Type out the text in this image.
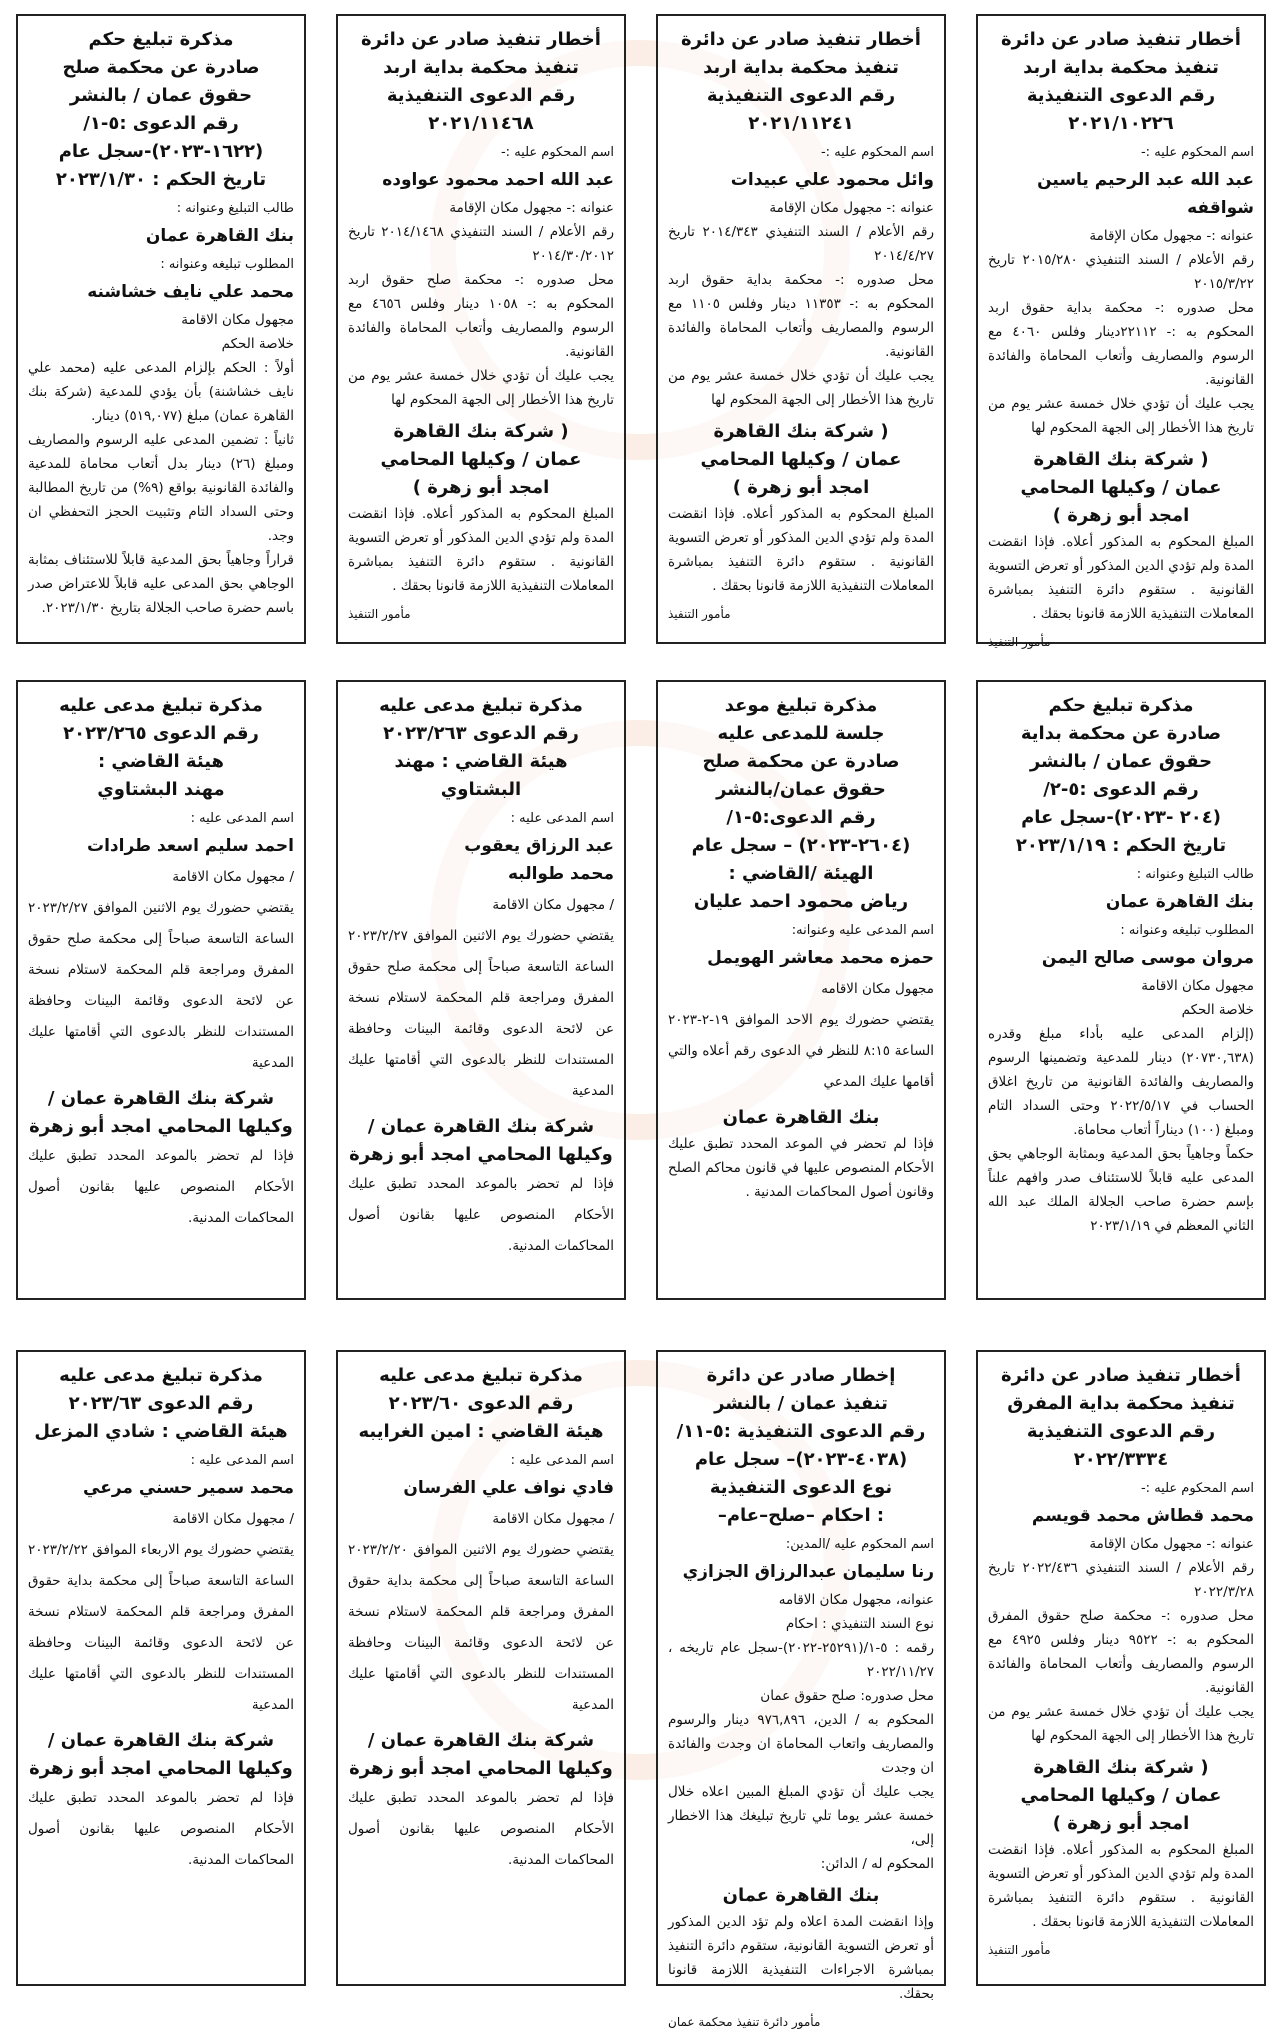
أخطار تنفيذ صادر عن دائرة
تنفيذ محكمة بداية اربد
رقم الدعوى التنفيذية
٢٠٢١/١٠٢٢٦
اسم المحكوم عليه :-
عبد الله عبد الرحيم ياسين شواقفه
عنوانه :- مجهول مكان الإقامة
رقم الأعلام / السند التنفيذي ٢٠١٥/٢٨٠ تاريخ ٢٠١٥/٣/٢٢
محل صدوره :- محكمة بداية حقوق اربد المحكوم به :- ٢٢١١٢دينار وفلس ٤٠٦٠ مع الرسوم والمصاريف وأتعاب المحاماة والفائدة القانونية.
يجب عليك أن تؤدي خلال خمسة عشر يوم من تاريخ هذا الأخطار إلى الجهة المحكوم لها
( شركة بنك القاهرة
عمان / وكيلها المحامي
امجد أبو زهرة )
المبلغ المحكوم به المذكور أعلاه. فإذا انقضت المدة ولم تؤدي الدين المذكور أو تعرض التسوية القانونية . ستقوم دائرة التنفيذ بمباشرة المعاملات التنفيذية اللازمة قانونا بحقك .
مأمور التنفيذ
أخطار تنفيذ صادر عن دائرة
تنفيذ محكمة بداية اربد
رقم الدعوى التنفيذية
٢٠٢١/١١٢٤١
اسم المحكوم عليه :-
وائل محمود علي عبيدات
عنوانه :- مجهول مكان الإقامة
رقم الأعلام / السند التنفيذي ٢٠١٤/٣٤٣ تاريخ ٢٠١٤/٤/٢٧
محل صدوره :- محكمة بداية حقوق اربد المحكوم به :- ١١٣٥٣ دينار وفلس ١١٠٥ مع الرسوم والمصاريف وأتعاب المحاماة والفائدة القانونية.
يجب عليك أن تؤدي خلال خمسة عشر يوم من تاريخ هذا الأخطار إلى الجهة المحكوم لها
( شركة بنك القاهرة
عمان / وكيلها المحامي
امجد أبو زهرة )
المبلغ المحكوم به المذكور أعلاه. فإذا انقضت المدة ولم تؤدي الدين المذكور أو تعرض التسوية القانونية . ستقوم دائرة التنفيذ بمباشرة المعاملات التنفيذية اللازمة قانونا بحقك .
مأمور التنفيذ
أخطار تنفيذ صادر عن دائرة
تنفيذ محكمة بداية اربد
رقم الدعوى التنفيذية
٢٠٢١/١١٤٦٨
اسم المحكوم عليه :-
عبد الله احمد محمود عواوده
عنوانه :- مجهول مكان الإقامة
رقم الأعلام / السند التنفيذي ٢٠١٤/١٤٦٨ تاريخ ٢٠١٤/٣٠/٢٠١٢
محل صدوره :- محكمة صلح حقوق اربد المحكوم به :- ١٠٥٨ دينار وفلس ٤٦٥٦ مع الرسوم والمصاريف وأتعاب المحاماة والفائدة القانونية.
يجب عليك أن تؤدي خلال خمسة عشر يوم من تاريخ هذا الأخطار إلى الجهة المحكوم لها
( شركة بنك القاهرة
عمان / وكيلها المحامي
امجد أبو زهرة )
المبلغ المحكوم به المذكور أعلاه. فإذا انقضت المدة ولم تؤدي الدين المذكور أو تعرض التسوية القانونية . ستقوم دائرة التنفيذ بمباشرة المعاملات التنفيذية اللازمة قانونا بحقك .
مأمور التنفيذ
مذكرة تبليغ حكم
صادرة عن محكمة صلح
حقوق عمان / بالنشر
رقم الدعوى :٥-١/
(١٦٢٢-٢٠٢٣)-سجل عام
تاريخ الحكم : ٢٠٢٣/١/٣٠
طالب التبليغ وعنوانه :
بنك القاهرة عمان
المطلوب تبليغه وعنوانه :
محمد علي نايف خشاشنه
مجهول مكان الاقامة
خلاصة الحكم
أولاً : الحكم بإلزام المدعى عليه (محمد علي نايف خشاشنة) بأن يؤدي للمدعية (شركة بنك القاهرة عمان) مبلغ (٥١٩,٠٧٧) دينار.
ثانياً : تضمين المدعى عليه الرسوم والمصاريف ومبلغ (٢٦) دينار بدل أتعاب محاماة للمدعية والفائدة القانونية بواقع (٩%) من تاريخ المطالبة وحتى السداد التام وتثبيت الحجز التحفظي ان وجد.
قراراً وجاهياً بحق المدعية قابلاً للاستئناف بمثابة الوجاهي بحق المدعى عليه قابلاً للاعتراض صدر باسم حضرة صاحب الجلالة بتاريخ ٢٠٢٣/١/٣٠.
مذكرة تبليغ حكم
صادرة عن محكمة بداية
حقوق عمان / بالنشر
رقم الدعوى :٥-٢/
(٢٠٤ -٢٠٢٣)-سجل عام
تاريخ الحكم : ٢٠٢٣/١/١٩
طالب التبليغ وعنوانه :
بنك القاهرة عمان
المطلوب تبليغه وعنوانه :
مروان موسى صالح اليمن
مجهول مكان الاقامة
خلاصة الحكم
(إلزام المدعى عليه بأداء مبلغ وقدره (٢٠٧٣٠,٦٣٨) دينار للمدعية وتضمينها الرسوم والمصاريف والفائدة القانونية من تاريخ اغلاق الحساب في ٢٠٢٢/٥/١٧ وحتى السداد التام ومبلغ (١٠٠) ديناراً أتعاب محاماة.
حكماً وجاهياً بحق المدعية وبمثابة الوجاهي بحق المدعى عليه قابلاً للاستئناف صدر وافهم علناً بإسم حضرة صاحب الجلالة الملك عبد الله الثاني المعظم في ٢٠٢٣/١/١٩
مذكرة تبليغ موعد
جلسة للمدعى عليه
صادرة عن محكمة صلح
حقوق عمان/بالنشر
رقم الدعوى:٥-١/
(٢٦٠٤-٢٠٢٣) – سجل عام
الهيئة /القاضي :
رياض محمود احمد عليان
اسم المدعى عليه وعنوانه:
حمزه محمد معاشر الهويمل
مجهول مكان الاقامه
يقتضي حضورك يوم الاحد الموافق ١٩-٢-٢٠٢٣ الساعة ٨:١٥ للنظر في الدعوى رقم أعلاه والتي أقامها عليك المدعي
بنك القاهرة عمان
فإذا لم تحضر في الموعد المحدد تطبق عليك الأحكام المنصوص عليها في قانون محاكم الصلح وقانون أصول المحاكمات المدنية .
مذكرة تبليغ مدعى عليه
رقم الدعوى ٢٠٢٣/٢٦٣
هيئة القاضي : مهند
البشتاوي
اسم المدعى عليه :
عبد الرزاق يعقوب
محمد طوالبه
/ مجهول مكان الاقامة
يقتضي حضورك يوم الاثنين الموافق ٢٠٢٣/٢/٢٧ الساعة التاسعة صباحاً إلى محكمة صلح حقوق المفرق ومراجعة قلم المحكمة لاستلام نسخة عن لائحة الدعوى وقائمة البينات وحافظة المستندات للنظر بالدعوى التي أقامتها عليك المدعية
شركة بنك القاهرة عمان /
وكيلها المحامي امجد أبو زهرة
فإذا لم تحضر بالموعد المحدد تطبق عليك الأحكام المنصوص عليها بقانون أصول المحاكمات المدنية.
مذكرة تبليغ مدعى عليه
رقم الدعوى ٢٠٢٣/٢٦٥
هيئة القاضي :
مهند البشتاوي
اسم المدعى عليه :
احمد سليم اسعد طرادات
/ مجهول مكان الاقامة
يقتضي حضورك يوم الاثنين الموافق ٢٠٢٣/٢/٢٧ الساعة التاسعة صباحاً إلى محكمة صلح حقوق المفرق ومراجعة قلم المحكمة لاستلام نسخة عن لائحة الدعوى وقائمة البينات وحافظة المستندات للنظر بالدعوى التي أقامتها عليك المدعية
شركة بنك القاهرة عمان /
وكيلها المحامي امجد أبو زهرة
فإذا لم تحضر بالموعد المحدد تطبق عليك الأحكام المنصوص عليها بقانون أصول المحاكمات المدنية.
أخطار تنفيذ صادر عن دائرة
تنفيذ محكمة بداية المفرق
رقم الدعوى التنفيذية
٢٠٢٢/٣٣٣٤
اسم المحكوم عليه :-
محمد قطاش محمد قويسم
عنوانه :- مجهول مكان الإقامة
رقم الأعلام / السند التنفيذي ٢٠٢٢/٤٣٦ تاريخ ٢٠٢٢/٣/٢٨
محل صدوره :- محكمة صلح حقوق المفرق المحكوم به :- ٩٥٢٢ دينار وفلس ٤٩٢٥ مع الرسوم والمصاريف وأتعاب المحاماة والفائدة القانونية.
يجب عليك أن تؤدي خلال خمسة عشر يوم من تاريخ هذا الأخطار إلى الجهة المحكوم لها
( شركة بنك القاهرة
عمان / وكيلها المحامي
امجد أبو زهرة )
المبلغ المحكوم به المذكور أعلاه. فإذا انقضت المدة ولم تؤدي الدين المذكور أو تعرض التسوية القانونية . ستقوم دائرة التنفيذ بمباشرة المعاملات التنفيذية اللازمة قانونا بحقك .
مأمور التنفيذ
إخطار صادر عن دائرة
تنفيذ عمان / بالنشر
رقم الدعوى التنفيذية :٥-١١/
(٤٠٣٨-٢٠٢٣)– سجل عام
نوع الدعوى التنفيذية
: احكام –صلح–عام–
اسم المحكوم عليه /المدين:
رنا سليمان عبدالرزاق الجزازي
عنوانه، مجهول مكان الاقامه
نوع السند التنفيذي : احكام
رقمه : ٥-١/(٢٥٢٩١-٢٠٢٢)-سجل عام تاريخه ، ٢٠٢٢/١١/٢٧
محل صدوره: صلح حقوق عمان
المحكوم به / الدين، ٩٧٦,٨٩٦ دينار والرسوم والمصاريف واتعاب المحاماة ان وجدت والفائدة ان وجدت
يجب عليك أن تؤدي المبلغ المبين اعلاه خلال خمسة عشر يوما تلي تاريخ تبليغك هذا الاخطار إلى،
المحكوم له / الدائن:
بنك القاهرة عمان
وإذا انقضت المدة اعلاه ولم تؤد الدين المذكور أو تعرض التسوية القانونية، ستقوم دائرة التنفيذ بمباشرة الاجراءات التنفيذية اللازمة قانونا بحقك.
مأمور دائرة تنفيذ محكمة عمان
مذكرة تبليغ مدعى عليه
رقم الدعوى ٢٠٢٣/٦٠
هيئة القاضي : امين الغرايبه
اسم المدعى عليه :
فادي نواف علي الفرسان
/ مجهول مكان الاقامة
يقتضي حضورك يوم الاثنين الموافق ٢٠٢٣/٢/٢٠ الساعة التاسعة صباحاً إلى محكمة بداية حقوق المفرق ومراجعة قلم المحكمة لاستلام نسخة عن لائحة الدعوى وقائمة البينات وحافظة المستندات للنظر بالدعوى التي أقامتها عليك المدعية
شركة بنك القاهرة عمان /
وكيلها المحامي امجد أبو زهرة
فإذا لم تحضر بالموعد المحدد تطبق عليك الأحكام المنصوص عليها بقانون أصول المحاكمات المدنية.
مذكرة تبليغ مدعى عليه
رقم الدعوى ٢٠٢٣/٦٣
هيئة القاضي : شادي المزعل
اسم المدعى عليه :
محمد سمير حسني مرعي
/ مجهول مكان الاقامة
يقتضي حضورك يوم الاربعاء الموافق ٢٠٢٣/٢/٢٢ الساعة التاسعة صباحاً إلى محكمة بداية حقوق المفرق ومراجعة قلم المحكمة لاستلام نسخة عن لائحة الدعوى وقائمة البينات وحافظة المستندات للنظر بالدعوى التي أقامتها عليك المدعية
شركة بنك القاهرة عمان /
وكيلها المحامي امجد أبو زهرة
فإذا لم تحضر بالموعد المحدد تطبق عليك الأحكام المنصوص عليها بقانون أصول المحاكمات المدنية.
